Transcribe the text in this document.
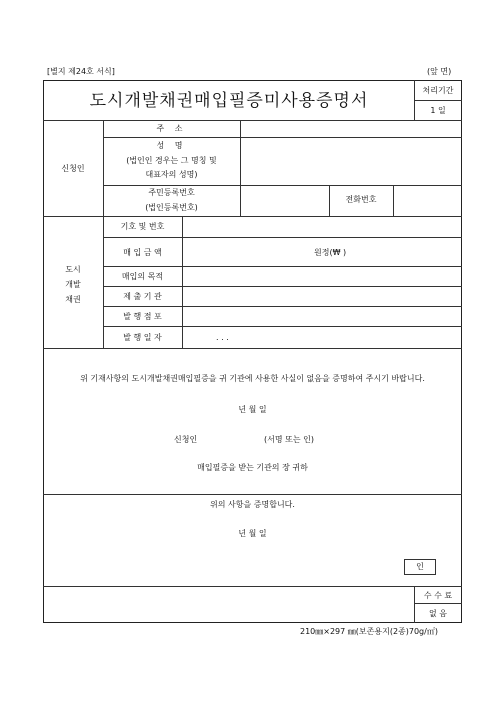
[별지 제24호 서식]	(앞 면)
도시개발채권매입필증미사용증명서
처리기간
1 일
신청인
주 소
성 명
(법인인 경우는 그 명칭 및
대표자의 성명)
주민등록번호
(법인등록번호)
전화번호
도시
개발
채권
기호 및 번호
매 입 금 액	원정(₩ )
매입의 목적
제 출 기 관
발 행 점 포
발 행 일 자	. . .
위 기재사항의 도시개발채권매입필증을 귀 기관에 사용한 사실이 없음을 증명하여 주시기 바랍니다.
년 월 일
신청인	(서명 또는 인)
매입필증을 받는 기관의 장 귀하
위의 사항을 증명합니다.
년 월 일
인
수 수 료
없 음
210㎜×297 ㎜(보존용지(2종)70g/㎡)
